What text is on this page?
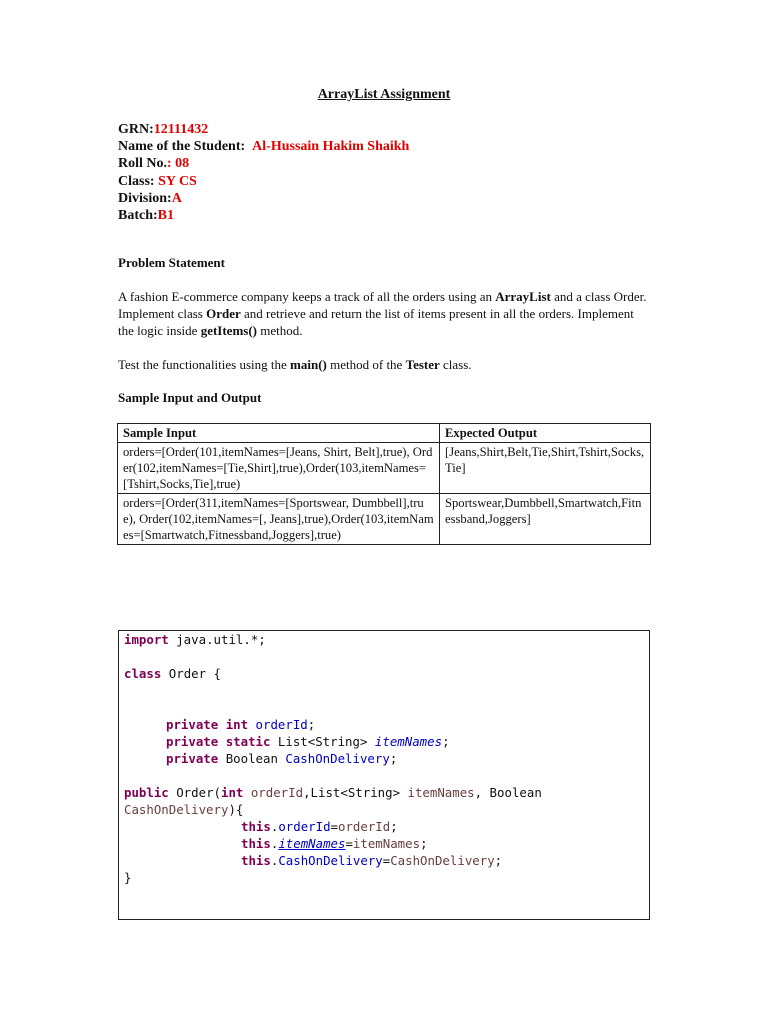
ArrayList Assignment
GRN:12111432
Name of the Student: Al-Hussain Hakim Shaikh
Roll No.: 08
Class: SY CS
Division:A
Batch:B1
Problem Statement
A fashion E-commerce company keeps a track of all the orders using an ArrayList and a class Order. Implement class Order and retrieve and return the list of items present in all the orders. Implement the logic inside getItems() method.
Test the functionalities using the main() method of the Tester class.
Sample Input and Output
Sample Input	Expected Output
orders=[Order(101,itemNames=[Jeans, Shirt, Belt],true), Order(102,itemNames=[Tie,Shirt],true),Order(103,itemNames=[Tshirt,Socks,Tie],true)	[Jeans,Shirt,Belt,Tie,Shirt,Tshirt,Socks,Tie]
orders=[Order(311,itemNames=[Sportswear, Dumbbell],true), Order(102,itemNames=[, Jeans],true),Order(103,itemNames=[Smartwatch,Fitnessband,Joggers],true)	Sportswear,Dumbbell,Smartwatch,Fitnessband,Joggers]
import java.util.*;
class Order {
private int orderId;
private static List<String> itemNames;
private Boolean CashOnDelivery;
public Order(int orderId,List<String> itemNames, Boolean
CashOnDelivery){
this.orderId=orderId;
this.itemNames=itemNames;
this.CashOnDelivery=CashOnDelivery;
}
